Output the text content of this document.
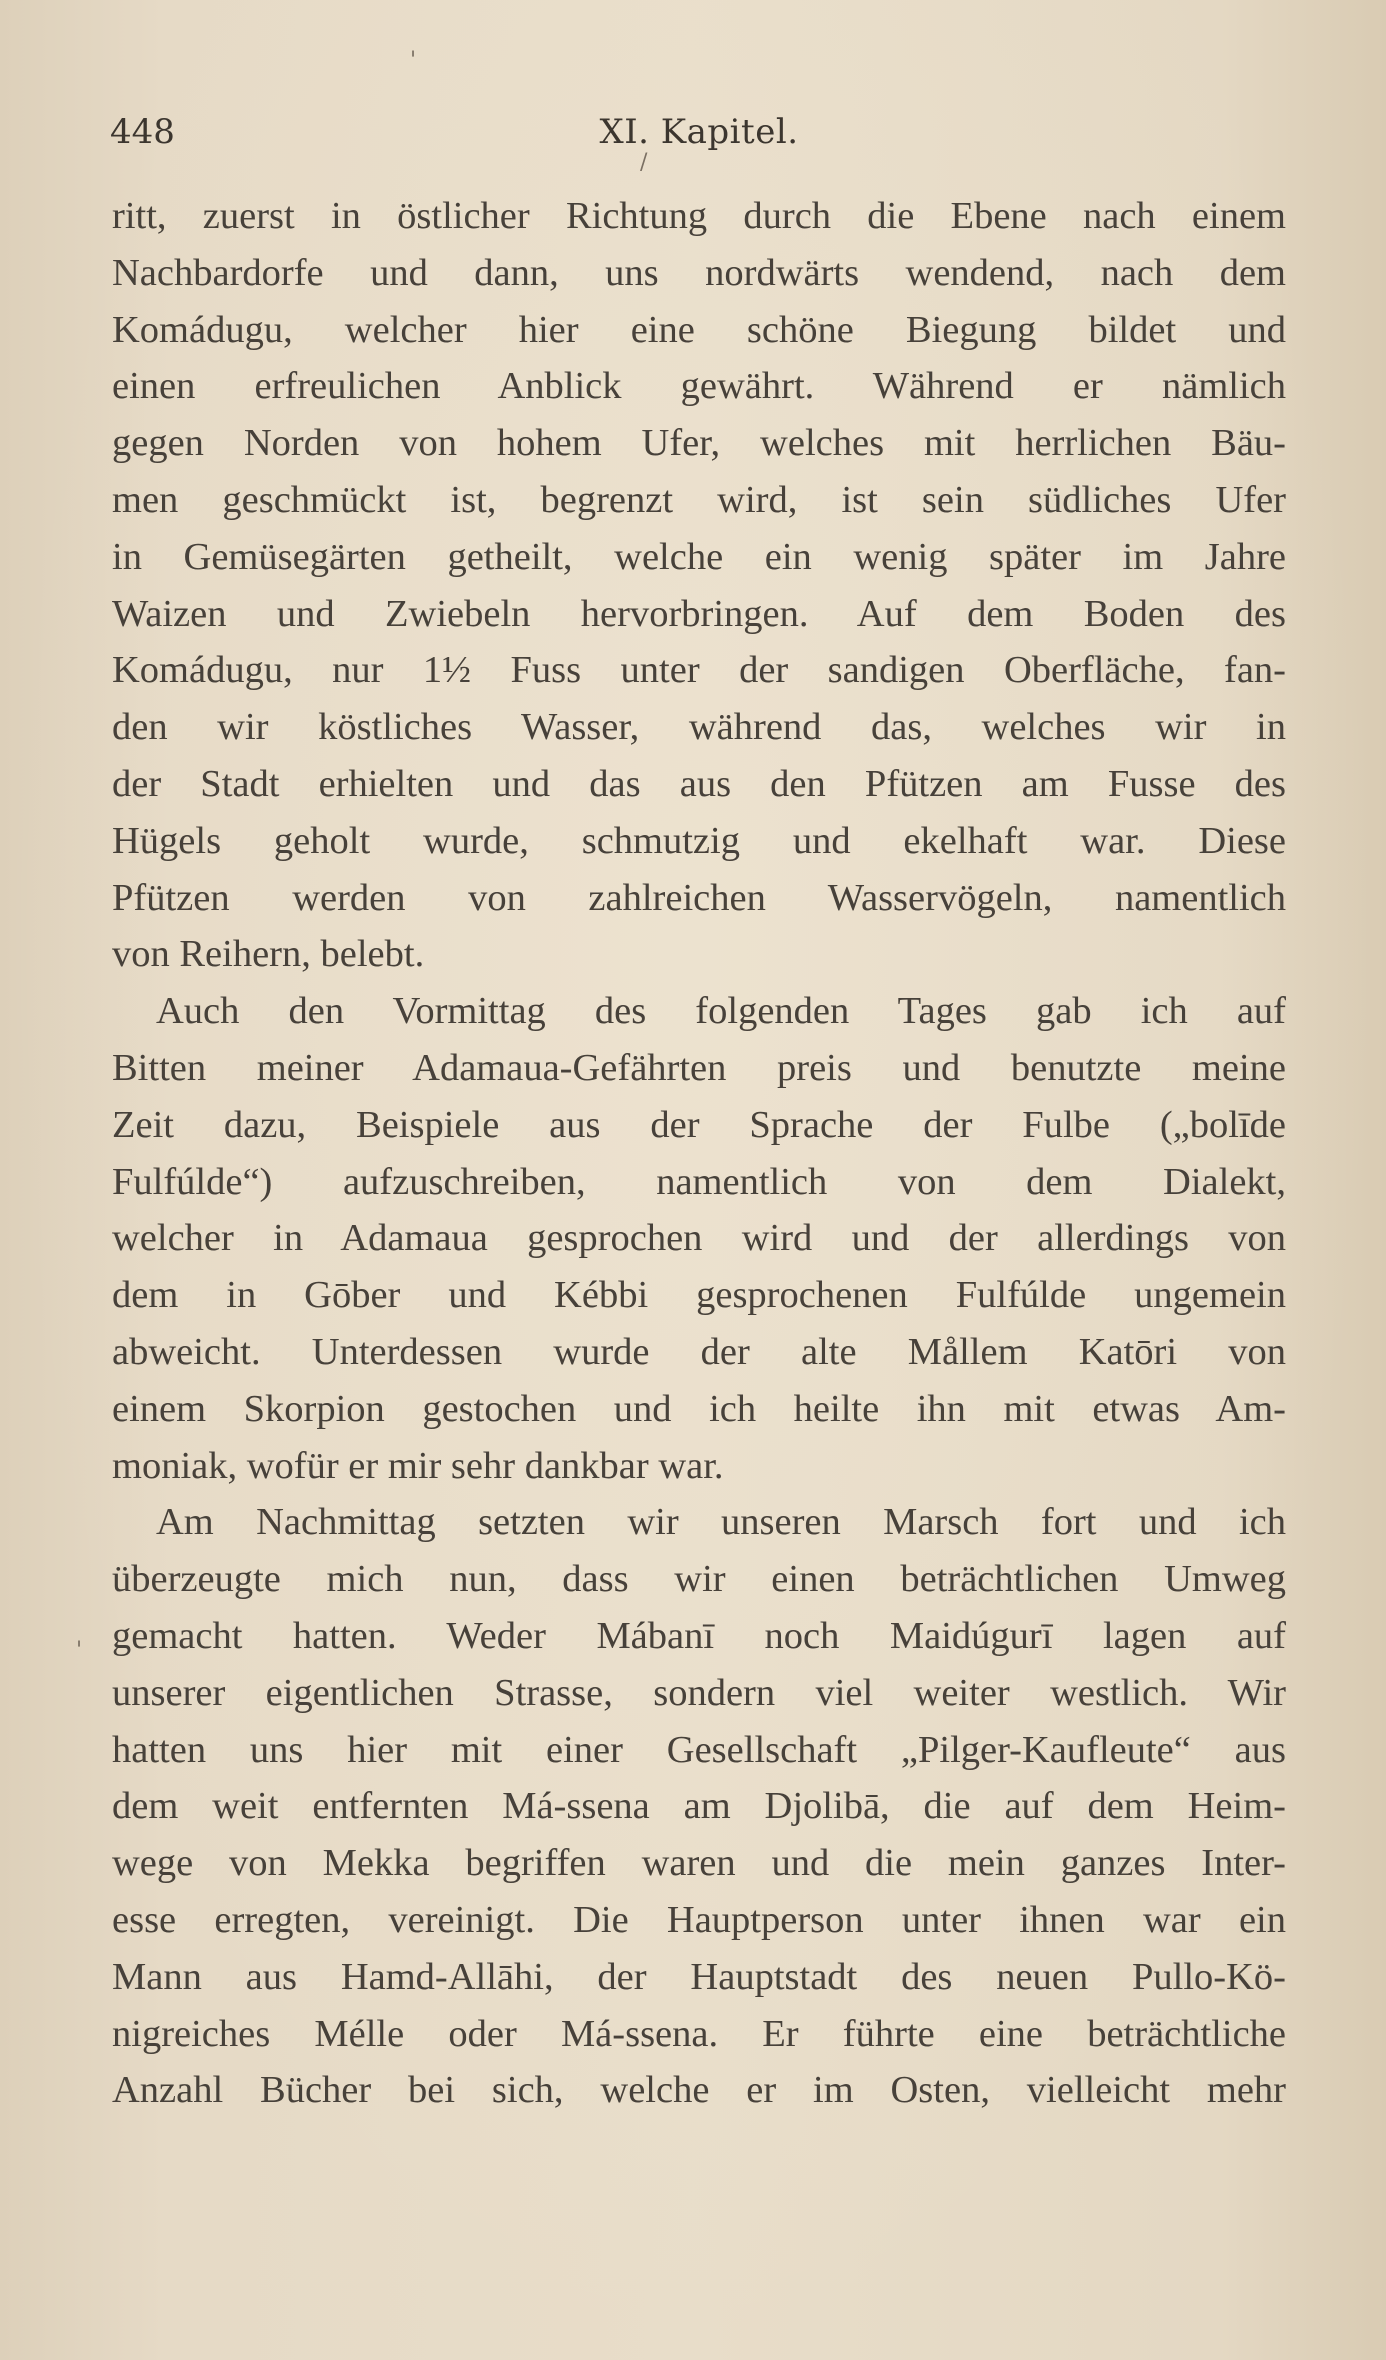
448	XI. Kapitel.
'
/
'
ritt, zuerst in östlicher Richtung durch die Ebene nach einem
Nachbardorfe und dann, uns nordwärts wendend, nach dem
Komádugu, welcher hier eine schöne Biegung bildet und
einen erfreulichen Anblick gewährt. Während er nämlich
gegen Norden von hohem Ufer, welches mit herrlichen Bäu-
men geschmückt ist, begrenzt wird, ist sein südliches Ufer
in Gemüsegärten getheilt, welche ein wenig später im Jahre
Waizen und Zwiebeln hervorbringen. Auf dem Boden des
Komádugu, nur 1½ Fuss unter der sandigen Oberfläche, fan-
den wir köstliches Wasser, während das, welches wir in
der Stadt erhielten und das aus den Pfützen am Fusse des
Hügels geholt wurde, schmutzig und ekelhaft war. Diese
Pfützen werden von zahlreichen Wasservögeln, namentlich
von Reihern, belebt.
Auch den Vormittag des folgenden Tages gab ich auf
Bitten meiner Adamaua-Gefährten preis und benutzte meine
Zeit dazu, Beispiele aus der Sprache der Fulbe („bolīde
Fulfúlde“) aufzuschreiben, namentlich von dem Dialekt,
welcher in Adamaua gesprochen wird und der allerdings von
dem in Gōber und Kébbi gesprochenen Fulfúlde ungemein
abweicht. Unterdessen wurde der alte Mållem Katōri von
einem Skorpion gestochen und ich heilte ihn mit etwas Am-
moniak, wofür er mir sehr dankbar war.
Am Nachmittag setzten wir unseren Marsch fort und ich
überzeugte mich nun, dass wir einen beträchtlichen Umweg
gemacht hatten. Weder Mábanī noch Maidúgurī lagen auf
unserer eigentlichen Strasse, sondern viel weiter westlich. Wir
hatten uns hier mit einer Gesellschaft „Pilger-Kaufleute“ aus
dem weit entfernten Má-ssena am Djolibā, die auf dem Heim-
wege von Mekka begriffen waren und die mein ganzes Inter-
esse erregten, vereinigt. Die Hauptperson unter ihnen war ein
Mann aus Hamd-Allāhi, der Hauptstadt des neuen Pullo-Kö-
nigreiches Mélle oder Má-ssena. Er führte eine beträchtliche
Anzahl Bücher bei sich, welche er im Osten, vielleicht mehr
